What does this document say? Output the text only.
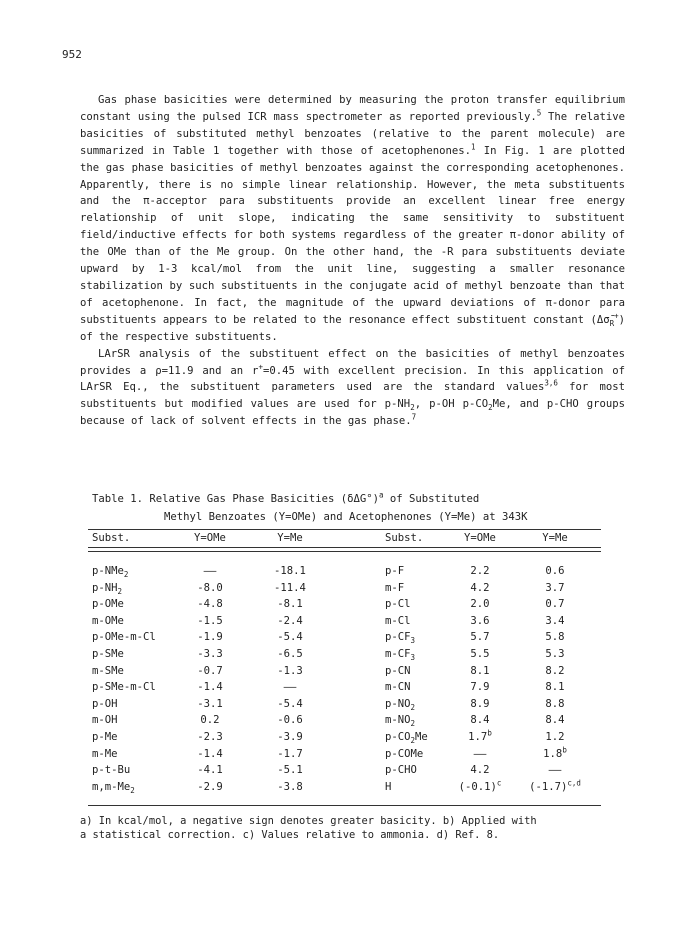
952

Gas phase basicities were determined by measuring the proton transfer equilibrium constant using the pulsed ICR mass spectrometer as reported previously.$^5$ The relative basicities of substituted methyl benzoates (relative to the parent molecule) are summarized in Table 1 together with those of acetophenones.$^1$ In Fig. 1 are plotted the gas phase basicities of methyl benzoates against the corresponding acetophenones. Apparently, there is no simple linear relationship. However, the meta substituents and the π-acceptor para substituents provide an excellent linear free energy relationship of unit slope, indicating the same sensitivity to substituent field/inductive effects for both systems regardless of the greater π-donor ability of the OMe than of the Me group. On the other hand, the -R para substituents deviate upward by 1-3 kcal/mol from the unit line, suggesting a smaller resonance stabilization by such substituents in the conjugate acid of methyl benzoate than that of acetophenone. In fact, the magnitude of the upward deviations of π-donor para substituents appears to be related to the resonance effect substituent constant $(\Delta\sigmā_R^+)$ of the respective substituents.

LArSR analysis of the substituent effect on the basicities of methyl benzoates provides a ρ=11.9 and an r+=0.45 with excellent precision. In this application of LArSR Eq., the substituent parameters used are the standard values$^{3,6}$ for most substituents but modified values are used for $p-NH_2$, p-OH $p-CO_2Me$, and p-CHO groups because of lack of solvent effects in the gas phase.$^7$

Table 1. Relative Gas Phase Basicities $(\delta\Delta G^\circ)^a$ of Substituted
Methyl Benzoates (Y=OMe) and Acetophenones (Y=Me) at 343K
Subst.	Y=OMe	Y=Me	Subst.	Y=OMe	Y=Me
p-NMe$_2$	——	-18.1	p-F	2.2	0.6
$p-NH_2$	-8.0	-11.4	m-F	4.2	3.7
p-OMe	-4.8	-8.1	p-Cl	2.0	0.7
m-OMe	-1.5	-2.4	m-Cl	3.6	3.4
p-OMe-m-Cl	-1.9	-5.4	$p-CF_3$	5.7	5.8
p-SMe	-3.3	-6.5	$m-CF_3$	5.5	5.3
m-SMe	-0.7	-1.3	p-CN	8.1	8.2
p-SMe-m-Cl	-1.4	——	m-CN	7.9	8.1
p-OH	-3.1	-5.4	$p-NO_2$	8.9	8.8
m-OH	0.2	-0.6	$m-NO_2$	8.4	8.4
p-Me	-2.3	-3.9	$p-CO_2Me$	1.7$^b$	1.2
m-Me	-1.4	-1.7	p-COMe	——	1.8$^b$
p-t-Bu	-4.1	-5.1	p-CHO	4.2	——
$m,m-Me_2$	-2.9	-3.8	H	$(-0.1)^c$	$(-1.7)^{c,d}$
a) In kcal/mol, a negative sign denotes greater basicity. b) Applied with
a statistical correction. c) Values relative to ammonia. d) Ref. 8.
